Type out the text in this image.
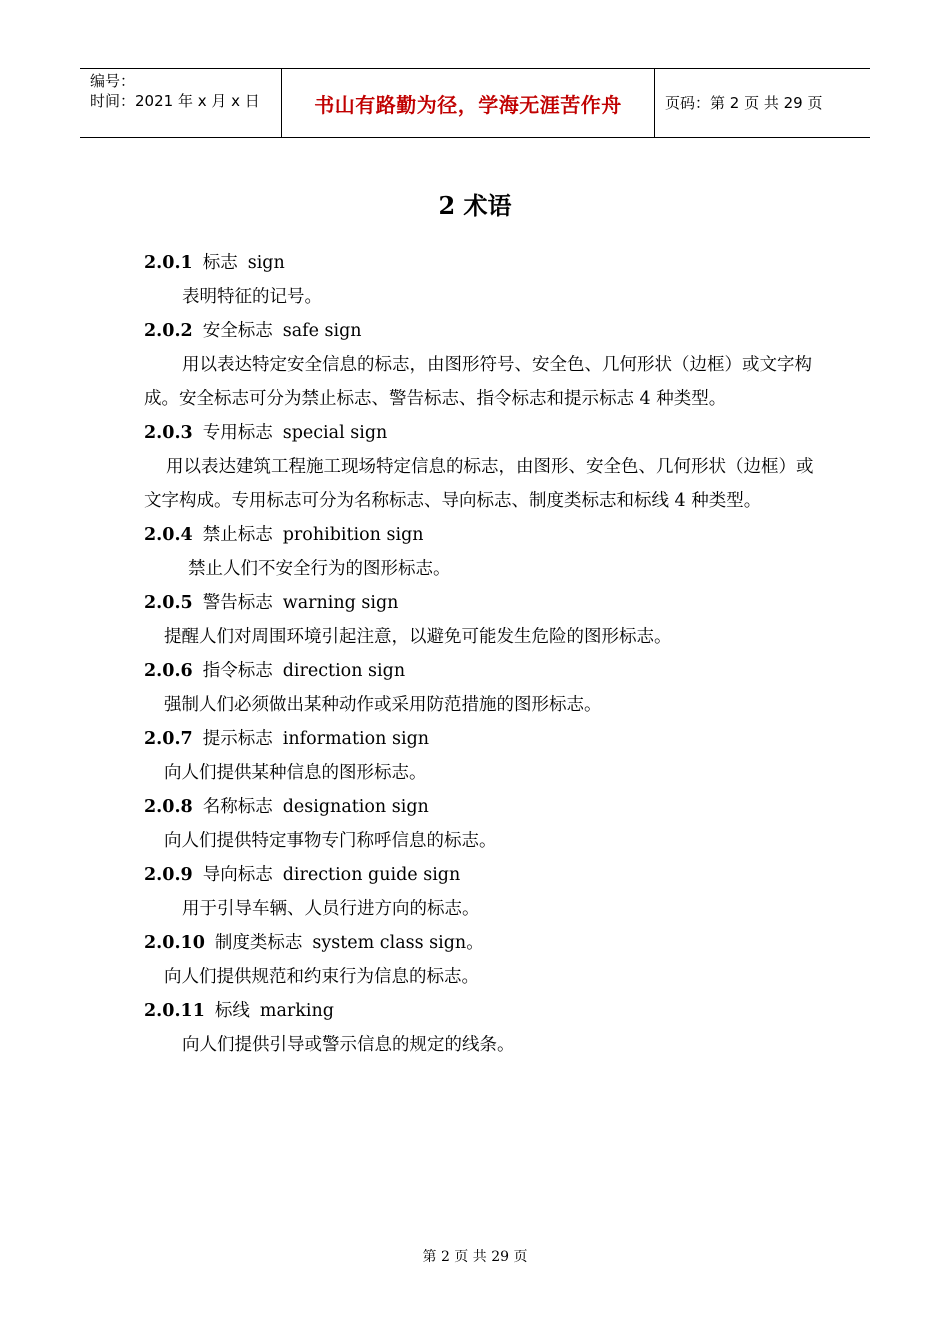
编号：
时间：2021 年 x 月 x 日	书山有路勤为径，学海无涯苦作舟	页码：第 2 页 共 29 页
2 术语
2.0.1 标志 sign
表明特征的记号。
2.0.2 安全标志 safe sign
用以表达特定安全信息的标志，由图形符号、安全色、几何形状（边框）或文字构成。安全标志可分为禁止标志、警告标志、指令标志和提示标志 4 种类型。
2.0.3 专用标志 special sign
用以表达建筑工程施工现场特定信息的标志，由图形、安全色、几何形状（边框）或文字构成。专用标志可分为名称标志、导向标志、制度类标志和标线 4 种类型。
2.0.4 禁止标志 prohibition sign
禁止人们不安全行为的图形标志。
2.0.5 警告标志 warning sign
提醒人们对周围环境引起注意，以避免可能发生危险的图形标志。
2.0.6 指令标志 direction sign
强制人们必须做出某种动作或采用防范措施的图形标志。
2.0.7 提示标志 information sign
向人们提供某种信息的图形标志。
2.0.8 名称标志 designation sign
向人们提供特定事物专门称呼信息的标志。
2.0.9 导向标志 direction guide sign
用于引导车辆、人员行进方向的标志。
2.0.10 制度类标志 system class sign。
向人们提供规范和约束行为信息的标志。
2.0.11 标线 marking
向人们提供引导或警示信息的规定的线条。
第 2 页 共 29 页
